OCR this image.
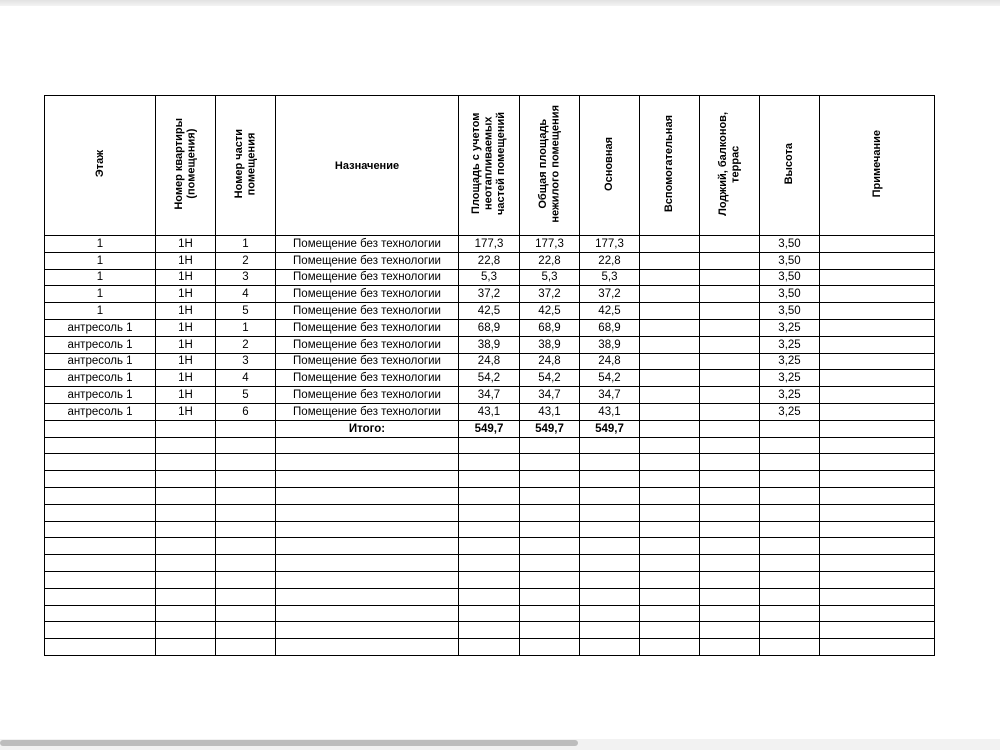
Этаж	Номер квартиры
(помещения)	Номер части
помещения	Назначение	Площадь с учетом
неотапливаемых
частей помещений	Общая площадь
нежилого помещения	Основная	Вспомогательная	Лоджий, балконов,
террас	Высота	Примечание
1	1Н	1	Помещение без технологии	177,3	177,3	177,3			3,50	
1	1Н	2	Помещение без технологии	22,8	22,8	22,8			3,50	
1	1Н	3	Помещение без технологии	5,3	5,3	5,3			3,50	
1	1Н	4	Помещение без технологии	37,2	37,2	37,2			3,50	
1	1Н	5	Помещение без технологии	42,5	42,5	42,5			3,50	
антресоль 1	1Н	1	Помещение без технологии	68,9	68,9	68,9			3,25	
антресоль 1	1Н	2	Помещение без технологии	38,9	38,9	38,9			3,25	
антресоль 1	1Н	3	Помещение без технологии	24,8	24,8	24,8			3,25	
антресоль 1	1Н	4	Помещение без технологии	54,2	54,2	54,2			3,25	
антресоль 1	1Н	5	Помещение без технологии	34,7	34,7	34,7			3,25	
антресоль 1	1Н	6	Помещение без технологии	43,1	43,1	43,1			3,25	
			Итого:	549,7	549,7	549,7				
